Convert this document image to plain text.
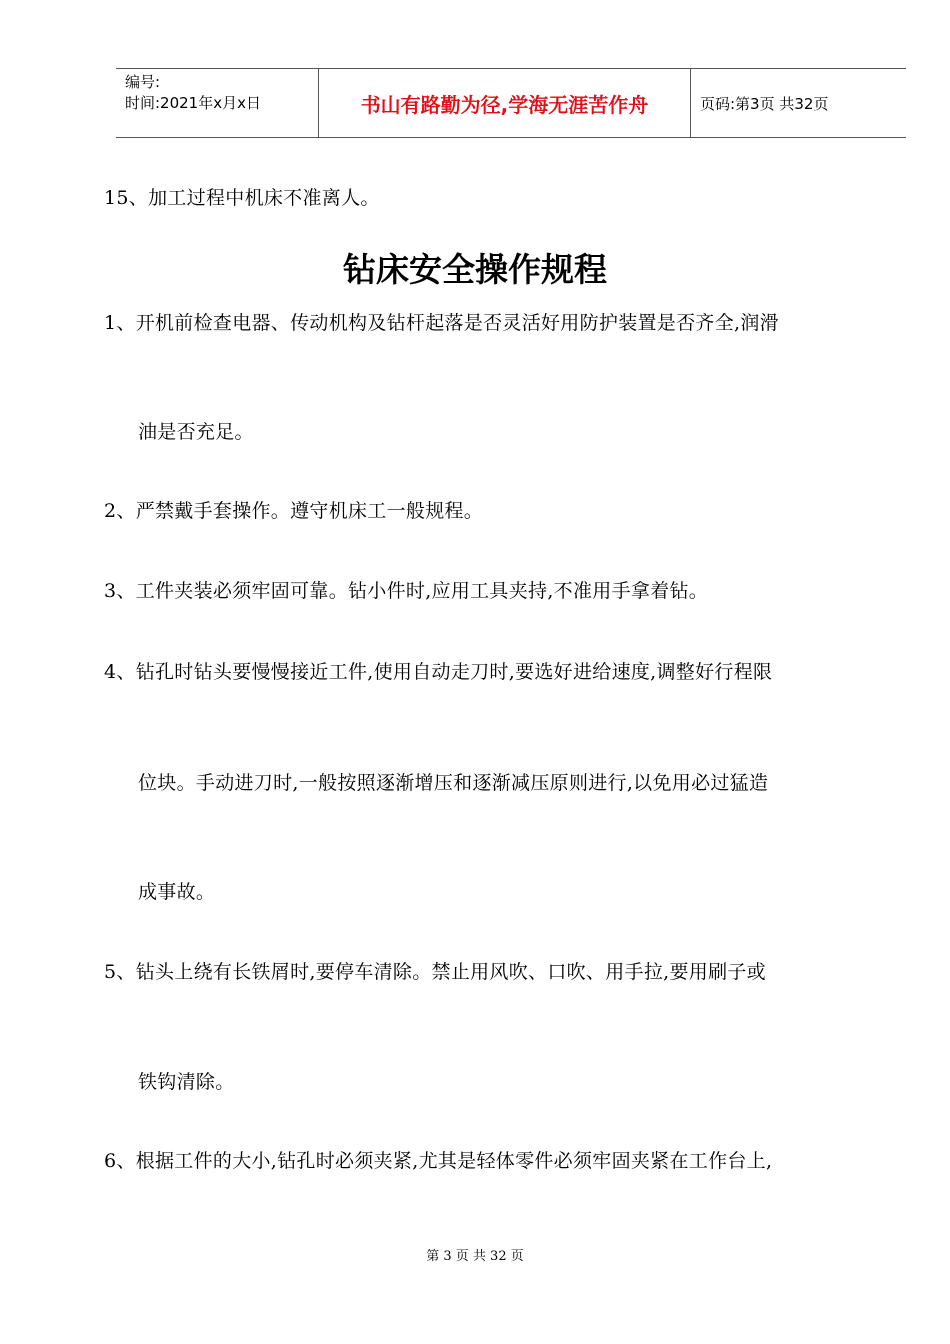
编号:
时间:2021年x月x日	书山有路勤为径,学海无涯苦作舟	页码:第3页 共32页
15、加工过程中机床不准离人。
钻床安全操作规程
1、开机前检查电器、传动机构及钻杆起落是否灵活好用防护装置是否齐全,润滑
油是否充足。
2、严禁戴手套操作。遵守机床工一般规程。
3、工件夹装必须牢固可靠。钻小件时,应用工具夹持,不准用手拿着钻。
4、钻孔时钻头要慢慢接近工件,使用自动走刀时,要选好进给速度,调整好行程限
位块。手动进刀时,一般按照逐渐增压和逐渐减压原则进行,以免用必过猛造
成事故。
5、钻头上绕有长铁屑时,要停车清除。禁止用风吹、口吹、用手拉,要用刷子或
铁钩清除。
6、根据工件的大小,钻孔时必须夹紧,尤其是轻体零件必须牢固夹紧在工作台上,
第 3 页 共 32 页
